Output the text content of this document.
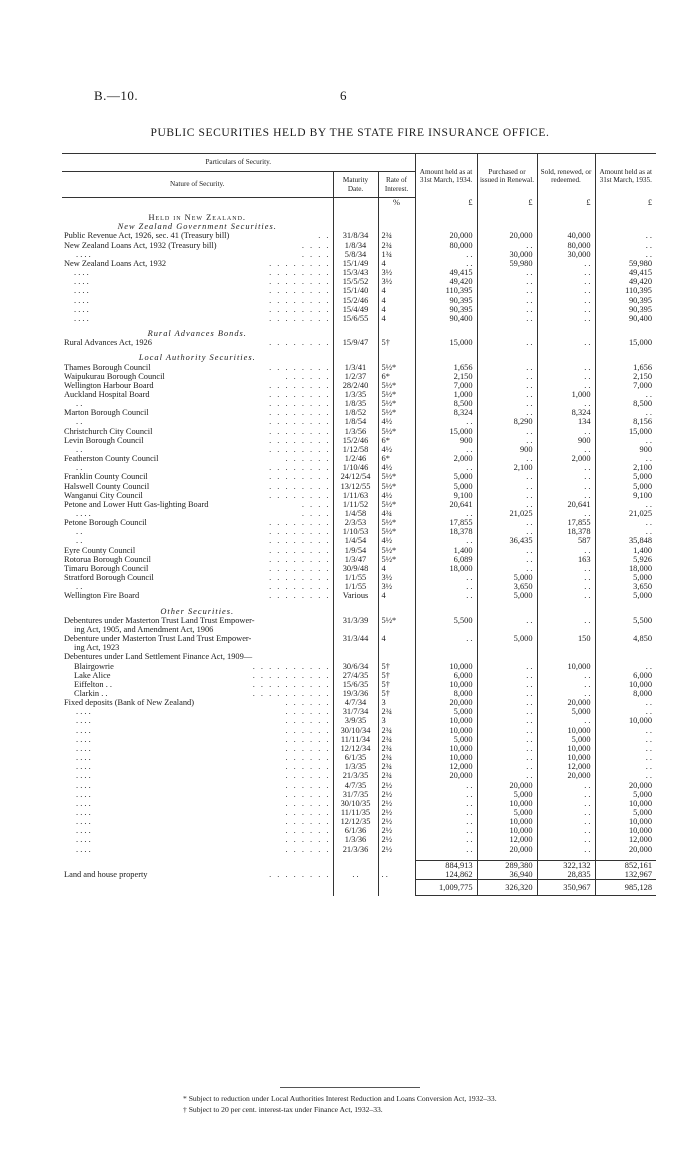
B.—10.	6
PUBLIC SECURITIES HELD BY THE STATE FIRE INSURANCE OFFICE.
Particulars of Security.			Amount held as at 31st March, 1934.	Purchased or issued in Renewal.	Sold, renewed, or redeemed.	Amount held as at 31st March, 1935.
Nature of Security.	Maturity Date.	Rate of Interest.				
		%	£	£	£	£

Held in New Zealand.						
New Zealand Government Securities.						
Public Revenue Act, 1926, sec. 41 (Treasury bill) . .	31/8/34	2¾	20,000	20,000	40,000	. .
New Zealand Loans Act, 1932 (Treasury bill) . . . .	1/8/34	2¾	80,000	. .	80,000	. .
. . . . . . . .	5/8/34	1¾	. .	30,000	30,000	. .
New Zealand Loans Act, 1932 . . . . . . . .	15/1/49	4	. .	59,980	. .	59,980
. . . . . . . . . . . .	15/3/43	3½	49,415	. .	. .	49,415
. . . . . . . . . . . .	15/5/52	3½	49,420	. .	. .	49,420
. . . . . . . . . . . .	15/1/40	4	110,395	. .	. .	110,395
. . . . . . . . . . . .	15/2/46	4	90,395	. .	. .	90,395
. . . . . . . . . . . .	15/4/49	4	90,395	. .	. .	90,395
. . . . . . . . . . . .	15/6/55	4	90,400	. .	. .	90,400

Rural Advances Bonds.						
Rural Advances Act, 1926 . . . . . . . .	15/9/47	5†	15,000	. .	. .	15,000

Local Authority Securities.						
Thames Borough Council . . . . . . . .	1/3/41	5½*	1,656	. .	. .	1,656
Waipukurau Borough Council . . . . . .	1/2/37	6*	2,150	. .	. .	2,150
Wellington Harbour Board . . . . . . . .	28/2/40	5½*	7,000	. .	. .	7,000
Auckland Hospital Board . . . . . . . .	1/3/35	5½*	1,000	. .	1,000	. .
. . . . . . . . . .	1/8/35	5½*	8,500	. .	. .	8,500
Marton Borough Council . . . . . . . .	1/8/52	5½*	8,324	. .	8,324	. .
. . . . . . . . . .	1/8/54	4½	. .	8,290	134	8,156
Christchurch City Council . . . . . . . .	1/3/56	5½*	15,000	. .	. .	15,000
Levin Borough Council . . . . . . . .	15/2/46	6*	900	. .	900	. .
. . . . . . . . . .	1/12/58	4½	. .	900	. .	900
Featherston County Council . . . . . .	1/2/46	6*	2,000	. .	2,000	. .
. . . . . . . . . .	1/10/46	4½	. .	2,100	. .	2,100
Franklin County Council . . . . . . . .	24/12/54	5½*	5,000	. .	. .	5,000
Halswell County Council . . . . . . . .	13/12/55	5½*	5,000	. .	. .	5,000
Wanganui City Council . . . . . . . .	1/11/63	4½	9,100	. .	. .	9,100
Petone and Lower Hutt Gas-lighting Board . . . .	1/11/52	5½*	20,641	. .	20,641	. .
. . . . . . . .	1/4/58	4¾	. .	21,025	. .	21,025
Petone Borough Council . . . . . . . .	2/3/53	5½*	17,855	. .	17,855	. .
. . . . . . . . . .	1/10/53	5½*	18,378	. .	18,378	. .
. . . . . . . . . .	1/4/54	4½	. .	36,435	587	35,848
Eyre County Council . . . . . . . .	1/9/54	5½*	1,400	. .	. .	1,400
Rotorua Borough Council . . . . . . . .	1/3/47	5½*	6,089	. .	163	5,926
Timaru Borough Council . . . . . . . .	30/9/48	4	18,000	. .	. .	18,000
Stratford Borough Council . . . . . . . .	1/1/55	3½	. .	5,000	. .	5,000
. . . . . . . . . .	1/1/55	3½	. .	3,650	. .	3,650
Wellington Fire Board . . . . . . . .	Various	4	. .	5,000	. .	5,000

Other Securities.						
Debentures under Masterton Trust Land Trust Empower-	31/3/39	5½*	5,500	. .	. .	5,500
ing Act, 1905, and Amendment Act, 1906						
Debenture under Masterton Trust Land Trust Empower-	31/3/44	4	. .	5,000	150	4,850
ing Act, 1923						
Debentures under Land Settlement Finance Act, 1909—						
Blairgowrie . . . . . . . . . .	30/6/34	5†	10,000	. .	10,000	. .
Lake Alice . . . . . . . . . .	27/4/35	5†	6,000	. .	. .	6,000
Eiffelton . . . . . . . . . . . .	15/6/35	5†	10,000	. .	. .	10,000
Clarkin . . . . . . . . . . . .	19/3/36	5†	8,000	. .	. .	8,000
Fixed deposits (Bank of New Zealand) . . . . . .	4/7/34	3	20,000	. .	20,000	. .
. . . . . . . . . .	31/7/34	2¾	5,000	. .	5,000	. .
. . . . . . . . . .	3/9/35	3	10,000	. .	. .	10,000
. . . . . . . . . .	30/10/34	2¾	10,000	. .	10,000	. .
. . . . . . . . . .	11/11/34	2¾	5,000	. .	5,000	. .
. . . . . . . . . .	12/12/34	2¾	10,000	. .	10,000	. .
. . . . . . . . . .	6/1/35	2¾	10,000	. .	10,000	. .
. . . . . . . . . .	1/3/35	2¾	12,000	. .	12,000	. .
. . . . . . . . . .	21/3/35	2¾	20,000	. .	20,000	. .
. . . . . . . . . .	4/7/35	2½	. .	20,000	. .	20,000
. . . . . . . . . .	31/7/35	2½	. .	5,000	. .	5,000
. . . . . . . . . .	30/10/35	2½	. .	10,000	. .	10,000
. . . . . . . . . .	11/11/35	2½	. .	5,000	. .	5,000
. . . . . . . . . .	12/12/35	2½	. .	10,000	. .	10,000
. . . . . . . . . .	6/1/36	2½	. .	10,000	. .	10,000
. . . . . . . . . .	1/3/36	2½	. .	12,000	. .	12,000
. . . . . . . . . .	21/3/36	2½	. .	20,000	. .	20,000

			884,913	289,380	322,132	852,161
Land and house property . . . . . . . .	. .	. .	124,862	36,940	28,835	132,967
			1,009,775	326,320	350,967	985,128
* Subject to reduction under Local Authorities Interest Reduction and Loans Conversion Act, 1932–33.
† Subject to 20 per cent. interest-tax under Finance Act, 1932–33.
